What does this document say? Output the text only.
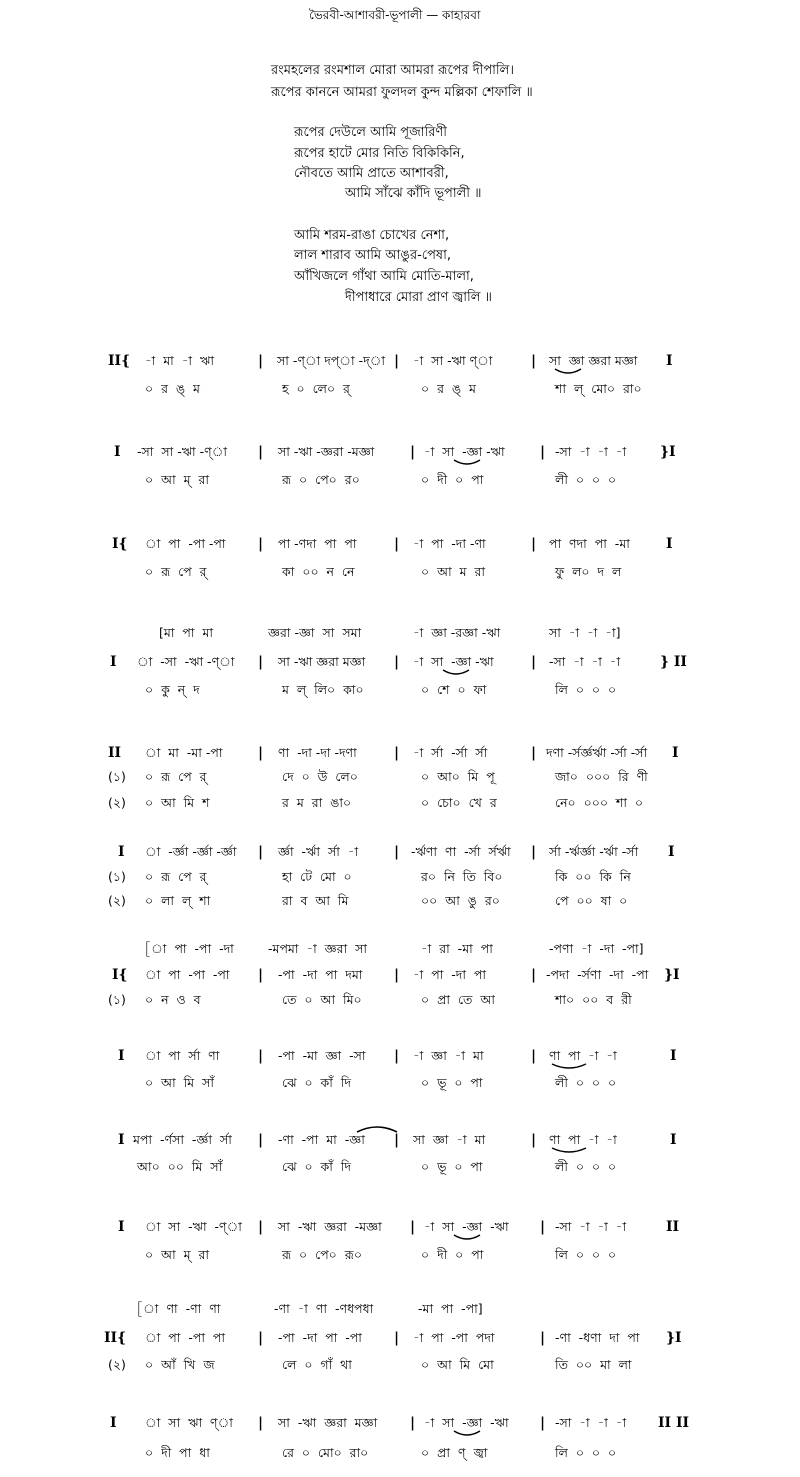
ভৈরবী-আশাবরী-ভূপালী — কাহারবা
রংমহলের রংমশাল মোরা আমরা রূপের দীপালি।
রূপের কাননে আমরা ফুলদল কুন্দ মল্লিকা শেফালি ॥
রূপের দেউলে আমি পূজারিণী
রূপের হাটে মোর নিতি বিকিকিনি,
নৌবতে আমি প্রাতে আশাবরী,
আমি সাঁঝে কাঁদি ভূপালী ॥
আমি শরম-রাঙা চোখের নেশা,
লাল শারাব আমি আঙুর-পেষা,
আঁখিজলে গাঁথা আমি মোতি-মালা,
দীপাধারে মোরা প্রাণ জ্বালি ॥
II{ -া  মা  -া  ঋা	| সা -ণ্‌া দপ্‌া -দ্‌া | -া  সা -ঋা ণ্‌া	| সা  জ্ঞা জ্ঞরা মজ্ঞা I
০  র  ঙ্‌  ম	হ  ০  লে০  র্‌	০  র  ঙ্‌  ম	শা  ল্‌  মো০  রা০
I -সা  সা -ঋা -ণ্‌া | সা -ঋা -জ্ঞরা -মজ্ঞা	| -া  সা  -জ্ঞা -ঋা	| -সা  -া  -া  -া }I
০  আ  ম্‌  রা	রূ  ০  পে০  র০	০  দী  ০  পা	লী  ০  ০  ০
I{ া  পা  -পা -পা | পা -ণদা  পা  পা	| -া  পা  -দা -ণা	| পা  ণদা  পা  -মা	I
০  রূ  পে  র্‌	কা  ০০  ন  নে	০  আ  ম  রা	ফু  ল০  দ  ল
[মা  পা  মা	জ্ঞরা -জ্ঞা  সা  সমা	-া  জ্ঞা -রজ্ঞা -ঋা	সা  -া  -া  -া]
I া  -সা  -ঋা -ণ্‌া | সা -ঋা জ্ঞরা মজ্ঞা | -া  সা  -জ্ঞা -ঋা	| -সা  -া  -া  -া	} II
০  কু  ন্‌  দ	ম  ল্‌  লি০  কা০	০  শে  ০  ফা	লি  ০  ০  ০
II া  মা  -মা -পা	| ণা  -দা -দা -দণা	| -া  র্সা  -র্সা  র্সা	| দণা -র্সর্জ্ঞর্ঋা -র্সা -র্সা I
(১) ০  রূ  পে  র্‌	দে  ০  উ  লে০	০  আ০  মি  পূ	জা০  ০০০  রি  ণী
(২) ০  আ  মি  শ	র  ম  রা  ঙা০	০  চো০  খে  র	নে০  ০০০  শা  ০
I া  -র্জ্ঞা -র্জ্ঞা -র্জ্ঞা | র্জ্ঞা  -র্ঋা  র্সা  -া	| -র্ঋণা  ণা  -র্সা  র্সর্ঋা | র্সা -র্ঋর্জ্ঞা -র্ঋা -র্সা I
(১) ০  রূ  পে  র্‌	হা  টে  মো  ০	র০  নি  তি  বি০	কি  ০০  কি  নি
(২) ০  লা  ল্‌  শা	রা  ব  আ  মি	০০  আ  ঙু  র০	পে  ০০  ষা  ০
[া  পা  -পা  -দা	-মপমা  -া  জ্ঞরা  সা	-া  রা  -মা  পা	-পণা  -া  -দা  -পা]
I{ া  পা  -পা  -পা | -পা  -দা  পা  দমা | -া  পা  -দা  পা	| -পদা  -র্সণা  -দা  -পা }I
(১) ০  ন  ও  ব	তে  ০  আ  মি০	০  প্রা  তে  আ	শা০  ০০  ব  রী
I া  পা  র্সা  ণা	| -পা  -মা  জ্ঞা  -সা | -া  জ্ঞা  -া  মা	| ণা  পা  -া  -া	I
০  আ  মি  সাঁ	ঝে  ০  কাঁ  দি	০  ভূ  ০  পা	লী  ০  ০  ০
I মপা  -র্ণসা  -র্জ্ঞা  র্সা | -ণা  -পা  মা  -জ্ঞা | সা  জ্ঞা  -া  মা	| ণা  পা  -া  -া	I
আ০  ০০  মি  সাঁ	ঝে  ০  কাঁ  দি	০  ভূ  ০  পা	লী  ০  ০  ০
I া  সা  -ঋা  -ণ্‌া | সা  -ঋা  জ্ঞরা  -মজ্ঞা | -া  সা  -জ্ঞা  -ঋা | -সা  -া  -া  -া	II
০  আ  ম্‌  রা	রূ  ০  পে০  রূ০	০  দী  ০  পা	লি  ০  ০  ০
[া  ণা  -ণা  ণা	-ণা  -া  ণা  -ণধপধা	-মা  পা  -পা]
II{ া  পা  -পা  পা | -পা  -দা  পা  -পা | -া  পা  -পা  পদা	| -ণা  -ধণা  দা  পা }I
(২) ০  আঁ  খি  জ	লে  ০  গাঁ  থা	০  আ  মি  মো	তি  ০০  মা  লা
I া  সা  ঋা  ণ্‌া | সা  -ঋা  জ্ঞরা  মজ্ঞা | -া  সা  -জ্ঞা  -ঋা | -সা  -া  -া  -া II II
০  দী  পা  ধা	রে  ০  মো০  রা০	০  প্রা  ণ্‌  জ্বা	লি  ০  ০  ০
